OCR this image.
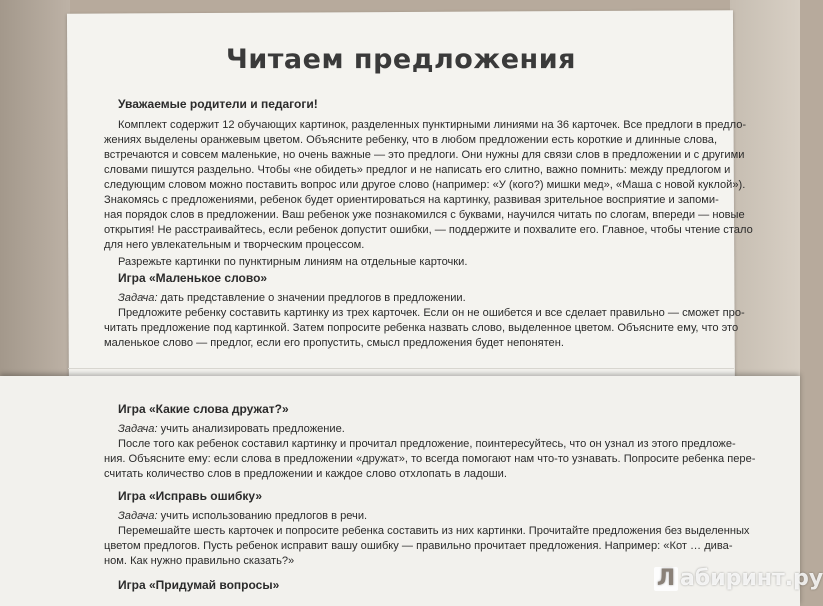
Читаем предложения
Уважаемые родители и педагоги!
Комплект содержит 12 обучающих картинок, разделенных пунктирными линиями на 36 карточек. Все предлоги в предло-
жениях выделены оранжевым цветом. Объясните ребенку, что в любом предложении есть короткие и длинные слова,
встречаются и совсем маленькие, но очень важные — это предлоги. Они нужны для связи слов в предложении и с другими
словами пишутся раздельно. Чтобы «не обидеть» предлог и не написать его слитно, важно помнить: между предлогом и
следующим словом можно поставить вопрос или другое слово (например: «У (кого?) мишки мед», «Маша с новой куклой»).
Знакомясь с предложениями, ребенок будет ориентироваться на картинку, развивая зрительное восприятие и запоми-
ная порядок слов в предложении. Ваш ребенок уже познакомился с буквами, научился читать по слогам, впереди — новые
открытия! Не расстраивайтесь, если ребенок допустит ошибки, — поддержите и похвалите его. Главное, чтобы чтение стало
для него увлекательным и творческим процессом.
Разрежьте картинки по пунктирным линиям на отдельные карточки.
Игра «Маленькое слово»
Задача: дать представление о значении предлогов в предложении.
Предложите ребенку составить картинку из трех карточек. Если он не ошибется и все сделает правильно — сможет про-
читать предложение под картинкой. Затем попросите ребенка назвать слово, выделенное цветом. Объясните ему, что это
маленькое слово — предлог, если его пропустить, смысл предложения будет непонятен.
Игра «Какие слова дружат?»
Задача: учить анализировать предложение.
После того как ребенок составил картинку и прочитал предложение, поинтересуйтесь, что он узнал из этого предложе-
ния. Объясните ему: если слова в предложении «дружат», то всегда помогают нам что-то узнавать. Попросите ребенка пере-
считать количество слов в предложении и каждое слово отхлопать в ладоши.
Игра «Исправь ошибку»
Задача: учить использованию предлогов в речи.
Перемешайте шесть карточек и попросите ребенка составить из них картинки. Прочитайте предложения без выделенных
цветом предлогов. Пусть ребенок исправит вашу ошибку — правильно прочитает предложения. Например: «Кот … дива-
ном. Как нужно правильно сказать?»
Игра «Придумай вопросы»	Л абиринт.ру
